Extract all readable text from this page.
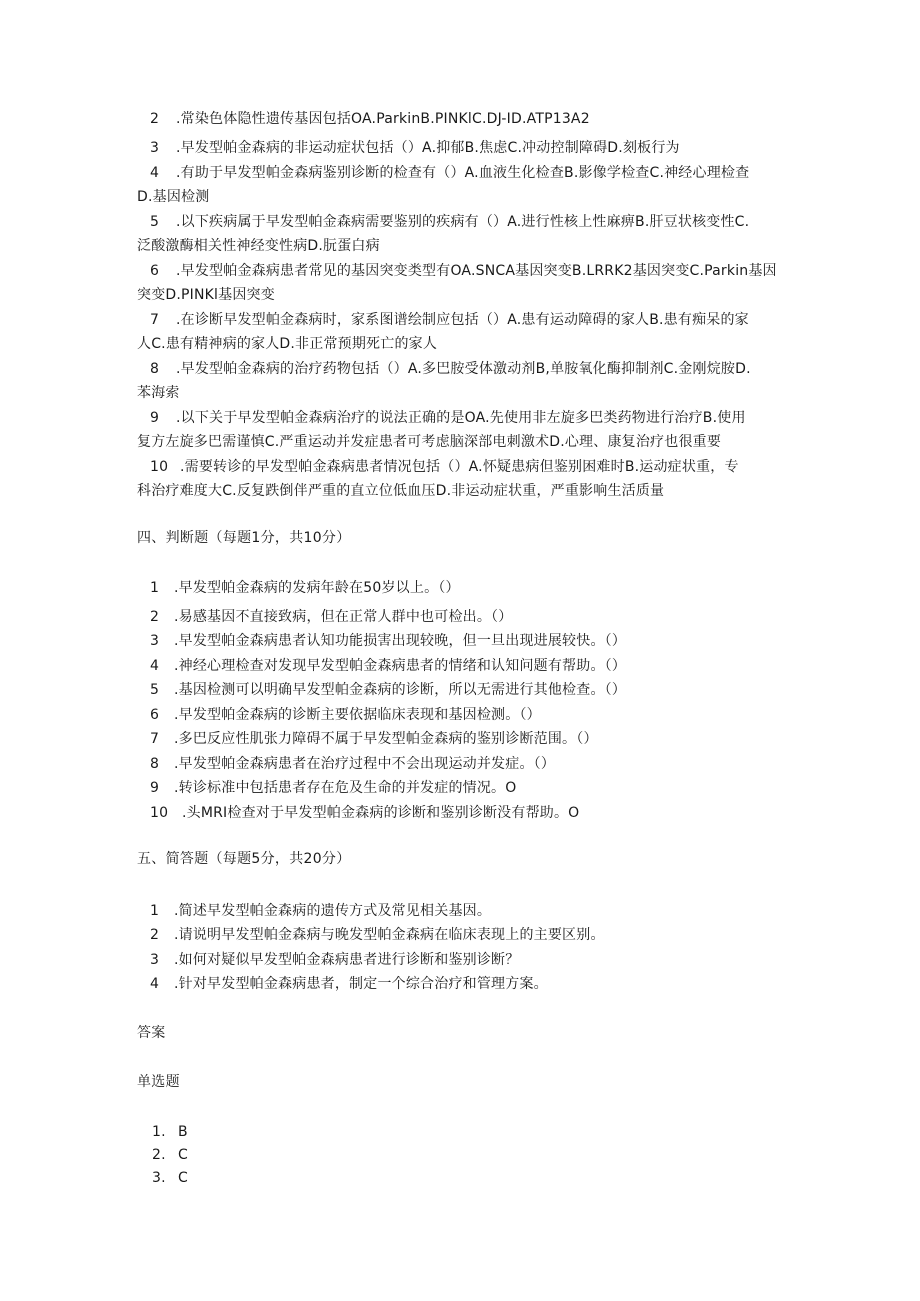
2 .常染色体隐性遗传基因包括OA.ParkinB.PINKlC.DJ-ID.ATP13A2
3 .早发型帕金森病的非运动症状包括（）A.抑郁B.焦虑C.冲动控制障碍D.刻板行为
4 .有助于早发型帕金森病鉴别诊断的检查有（）A.血液生化检查B.影像学检查C.神经心理检查
D.基因检测
5 .以下疾病属于早发型帕金森病需要鉴别的疾病有（）A.进行性核上性麻痹B.肝豆状核变性C.
泛酸激酶相关性神经变性病D.朊蛋白病
6 .早发型帕金森病患者常见的基因突变类型有OA.SNCA基因突变B.LRRK2基因突变C.Parkin基因
突变D.PINKl基因突变
7 .在诊断早发型帕金森病时，家系图谱绘制应包括（）A.患有运动障碍的家人B.患有痴呆的家
人C.患有精神病的家人D.非正常预期死亡的家人
8 .早发型帕金森病的治疗药物包括（）A.多巴胺受体激动剂B,单胺氧化酶抑制剂C.金刚烷胺D.
苯海索
9 .以下关于早发型帕金森病治疗的说法正确的是OA.先使用非左旋多巴类药物进行治疗B.使用
复方左旋多巴需谨慎C.严重运动并发症患者可考虑脑深部电刺激术D.心理、康复治疗也很重要
10 .需要转诊的早发型帕金森病患者情况包括（）A.怀疑患病但鉴别困难时B.运动症状重，专
科治疗难度大C.反复跌倒伴严重的直立位低血压D.非运动症状重，严重影响生活质量
四、判断题（每题1分，共10分）
1 .早发型帕金森病的发病年龄在50岁以上。（）
2 .易感基因不直接致病，但在正常人群中也可检出。（）
3 .早发型帕金森病患者认知功能损害出现较晚，但一旦出现进展较快。（）
4 .神经心理检查对发现早发型帕金森病患者的情绪和认知问题有帮助。（）
5 .基因检测可以明确早发型帕金森病的诊断，所以无需进行其他检查。（）
6 .早发型帕金森病的诊断主要依据临床表现和基因检测。（）
7 .多巴反应性肌张力障碍不属于早发型帕金森病的鉴别诊断范围。（）
8 .早发型帕金森病患者在治疗过程中不会出现运动并发症。（）
9 .转诊标准中包括患者存在危及生命的并发症的情况。O
10 .头MRI检查对于早发型帕金森病的诊断和鉴别诊断没有帮助。O
五、简答题（每题5分，共20分）
1 .简述早发型帕金森病的遗传方式及常见相关基因。
2 .请说明早发型帕金森病与晚发型帕金森病在临床表现上的主要区别。
3 .如何对疑似早发型帕金森病患者进行诊断和鉴别诊断？
4 .针对早发型帕金森病患者，制定一个综合治疗和管理方案。
答案
单选题
1. B
2. C
3. C
